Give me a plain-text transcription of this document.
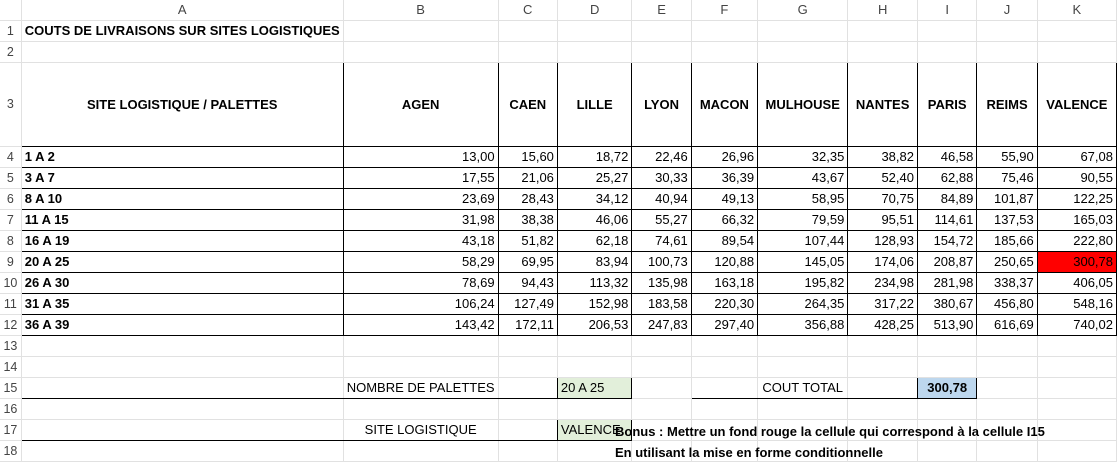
	A	B	C	D	E	F	G	H	I	J	K
1	COUTS DE LIVRAISONS SUR SITES LOGISTIQUES										
2											
3	SITE LOGISTIQUE / PALETTES	AGEN	CAEN	LILLE	LYON	MACON	MULHOUSE	NANTES	PARIS	REIMS	VALENCE
4	1 A 2	13,00	15,60	18,72	22,46	26,96	32,35	38,82	46,58	55,90	67,08
5	3 A 7	17,55	21,06	25,27	30,33	36,39	43,67	52,40	62,88	75,46	90,55
6	8 A 10	23,69	28,43	34,12	40,94	49,13	58,95	70,75	84,89	101,87	122,25
7	11 A 15	31,98	38,38	46,06	55,27	66,32	79,59	95,51	114,61	137,53	165,03
8	16 A 19	43,18	51,82	62,18	74,61	89,54	107,44	128,93	154,72	185,66	222,80
9	20 A 25	58,29	69,95	83,94	100,73	120,88	145,05	174,06	208,87	250,65	300,78
10	26 A 30	78,69	94,43	113,32	135,98	163,18	195,82	234,98	281,98	338,37	406,05
11	31 A 35	106,24	127,49	152,98	183,58	220,30	264,35	317,22	380,67	456,80	548,16
12	36 A 39	143,42	172,11	206,53	247,83	297,40	356,88	428,25	513,90	616,69	740,02
13											
14											
15		NOMBRE DE PALETTES		20 A 25			COUT TOTAL		300,78		
16											
17		SITE LOGISTIQUE		VALENCE							
18											
Bonus : Mettre un fond rouge la cellule qui correspond à la cellule I15
En utilisant la mise en forme conditionnelle
